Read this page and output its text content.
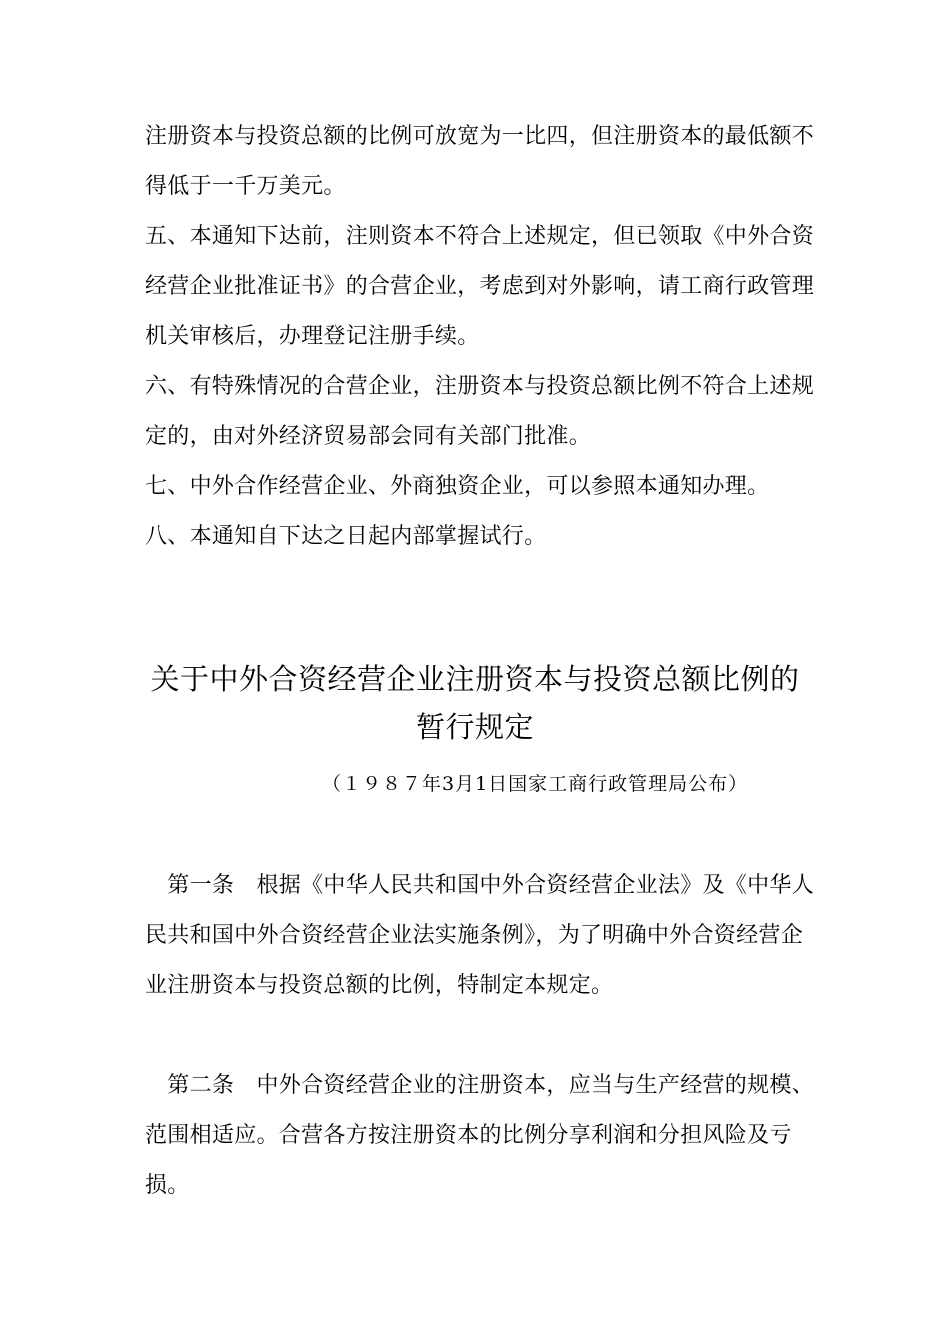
注册资本与投资总额的比例可放宽为一比四，但注册资本的最低额不
得低于一千万美元。
五、本通知下达前，注则资本不符合上述规定，但已领取《中外合资
经营企业批准证书》的合营企业，考虑到对外影响，请工商行政管理
机关审核后，办理登记注册手续。
六、有特殊情况的合营企业，注册资本与投资总额比例不符合上述规
定的，由对外经济贸易部会同有关部门批准。
七、中外合作经营企业、外商独资企业，可以参照本通知办理。
八、本通知自下达之日起内部掌握试行。
关于中外合资经营企业注册资本与投资总额比例的
暂行规定
（１９８７年3月1日国家工商行政管理局公布）
　第一条　根据《中华人民共和国中外合资经营企业法》及《中华人
民共和国中外合资经营企业法实施条例》，为了明确中外合资经营企
业注册资本与投资总额的比例，特制定本规定。
　第二条　中外合资经营企业的注册资本，应当与生产经营的规模、
范围相适应。合营各方按注册资本的比例分享利润和分担风险及亏
损。
